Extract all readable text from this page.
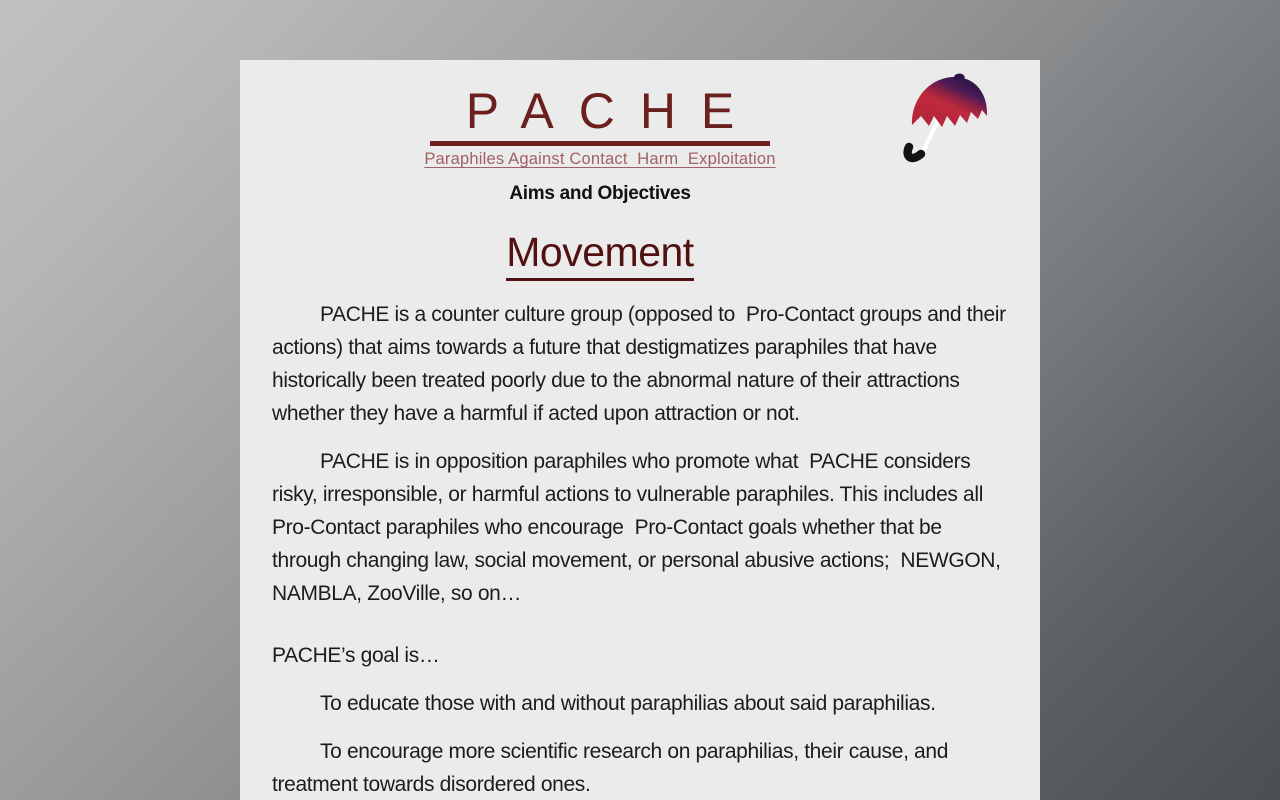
PACHE
Paraphiles Against Contact  Harm  Exploitation
Aims and Objectives
Movement

PACHE is a counter culture group (opposed to  Pro-Contact groups and their actions) that aims towards a future that destigmatizes paraphiles that have historically been treated poorly due to the abnormal nature of their attractions whether they have a harmful if acted upon attraction or not.

PACHE is in opposition paraphiles who promote what  PACHE considers risky, irresponsible, or harmful actions to vulnerable paraphiles. This includes all  Pro-Contact paraphiles who encourage  Pro-Contact goals whether that be through changing law, social movement, or personal abusive actions;  NEWGON,  NAMBLA, ZooVille, so on…

PACHE’s goal is…

To educate those with and without paraphilias about said paraphilias.

To encourage more scientific research on paraphilias, their cause, and treatment towards disordered ones.
